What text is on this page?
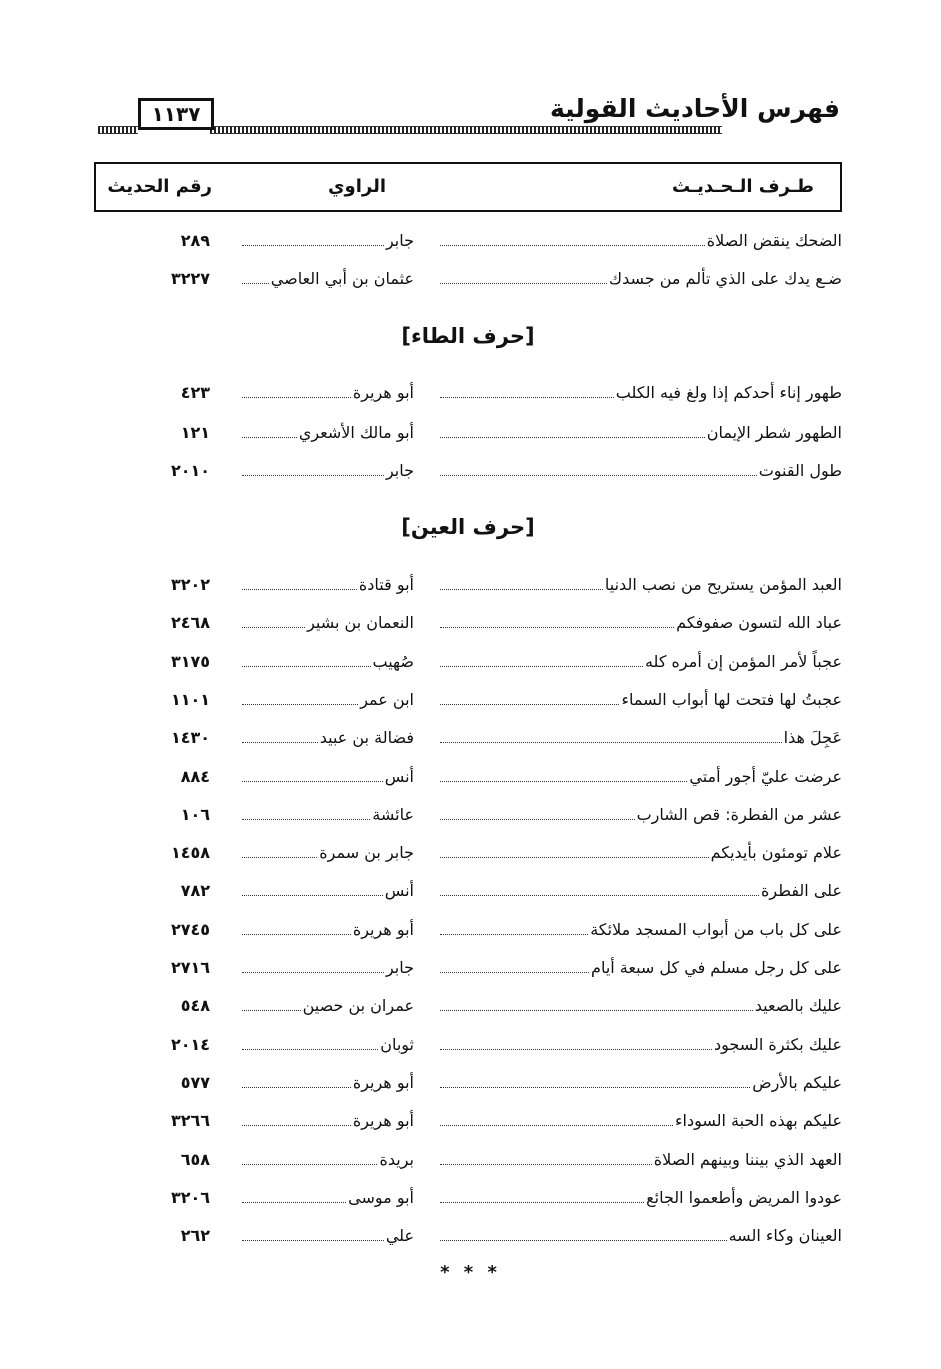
١١٣٧	فهرس الأحاديث القولية
طـرف الـحـديـث
الراوي
رقم الحديث
الضحك ينقض الصلاة
جابر
٢٨٩
ضـع يدك على الذي تألم من جسدك
عثمان بن أبي العاصي
٣٢٢٧
[حرف الطاء]
طهور إناء أحدكم إذا ولغ فيه الكلب
أبو هريرة
٤٢٣
الطهور شطر الإيمان
أبو مالك الأشعري
١٢١
طول القنوت
جابر
٢٠١٠
[حرف العين]
العبد المؤمن يستريح من نصب الدنيا
أبو قتادة
٣٢٠٢
عباد الله لتسون صفوفكم
النعمان بن بشير
٢٤٦٨
عجباً لأمر المؤمن إن أمره كله
صُهيب
٣١٧٥
عجبتُ لها فتحت لها أبواب السماء
ابن عمر
١١٠١
عَجِلَ هذا
فضالة بن عبيد
١٤٣٠
عرضت عليّ أجور أمتي
أنس
٨٨٤
عشر من الفطرة: قص الشارب
عائشة
١٠٦
علام تومئون بأيديكم
جابر بن سمرة
١٤٥٨
على الفطرة
أنس
٧٨٢
على كل باب من أبواب المسجد ملائكة
أبو هريرة
٢٧٤٥
على كل رجل مسلم في كل سبعة أيام
جابر
٢٧١٦
عليك بالصعيد
عمران بن حصين
٥٤٨
عليك بكثرة السجود
ثوبان
٢٠١٤
عليكم بالأرض
أبو هريرة
٥٧٧
عليكم بهذه الحبة السوداء
أبو هريرة
٣٢٦٦
العهد الذي بيننا وبينهم الصلاة
بريدة
٦٥٨
عودوا المريض وأطعموا الجائع
أبو موسى
٣٢٠٦
العينان وكاء السه
علي
٢٦٢
* * *
